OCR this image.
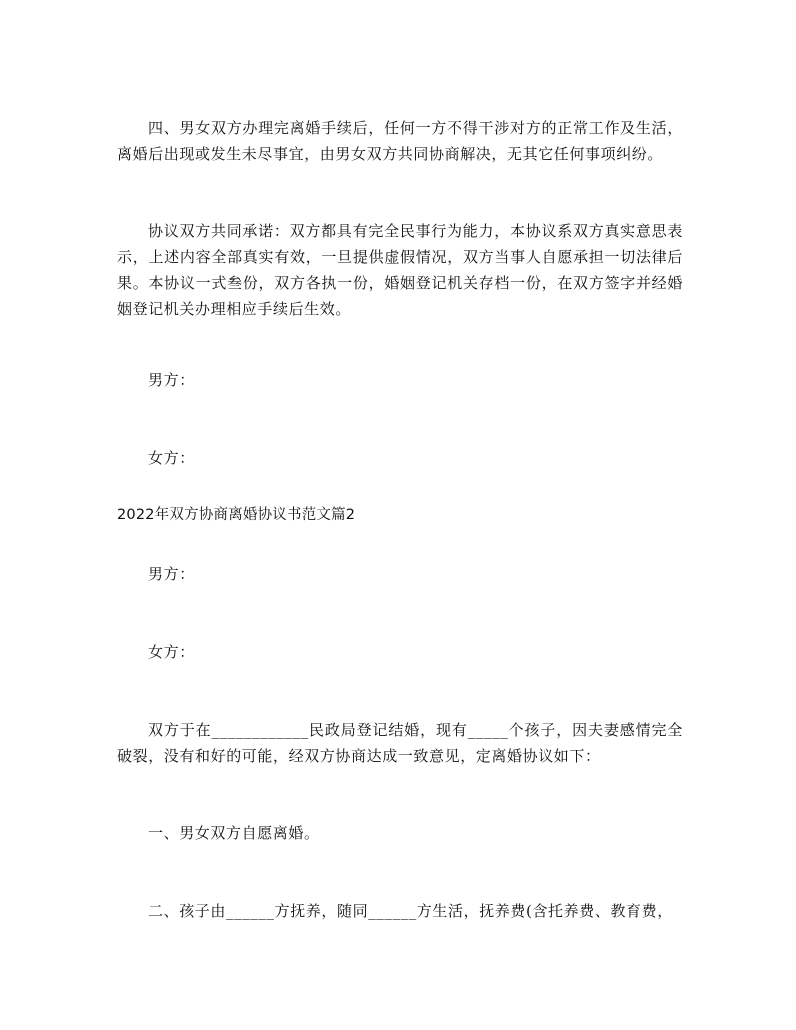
四、男女双方办理完离婚手续后，任何一方不得干涉对方的正常工作及生活，离婚后出现或发生未尽事宜，由男女双方共同协商解决，无其它任何事项纠纷。

协议双方共同承诺：双方都具有完全民事行为能力，本协议系双方真实意思表示，上述内容全部真实有效，一旦提供虚假情况，双方当事人自愿承担一切法律后果。本协议一式叁份，双方各执一份，婚姻登记机关存档一份，在双方签字并经婚姻登记机关办理相应手续后生效。

男方：

女方：

2022年双方协商离婚协议书范文篇2

男方：

女方：

双方于在____________民政局登记结婚，现有_____个孩子，因夫妻感情完全破裂，没有和好的可能，经双方协商达成一致意见，定离婚协议如下：

一、男女双方自愿离婚。

二、孩子由______方抚养，随同______方生活，抚养费(含托养费、教育费，
